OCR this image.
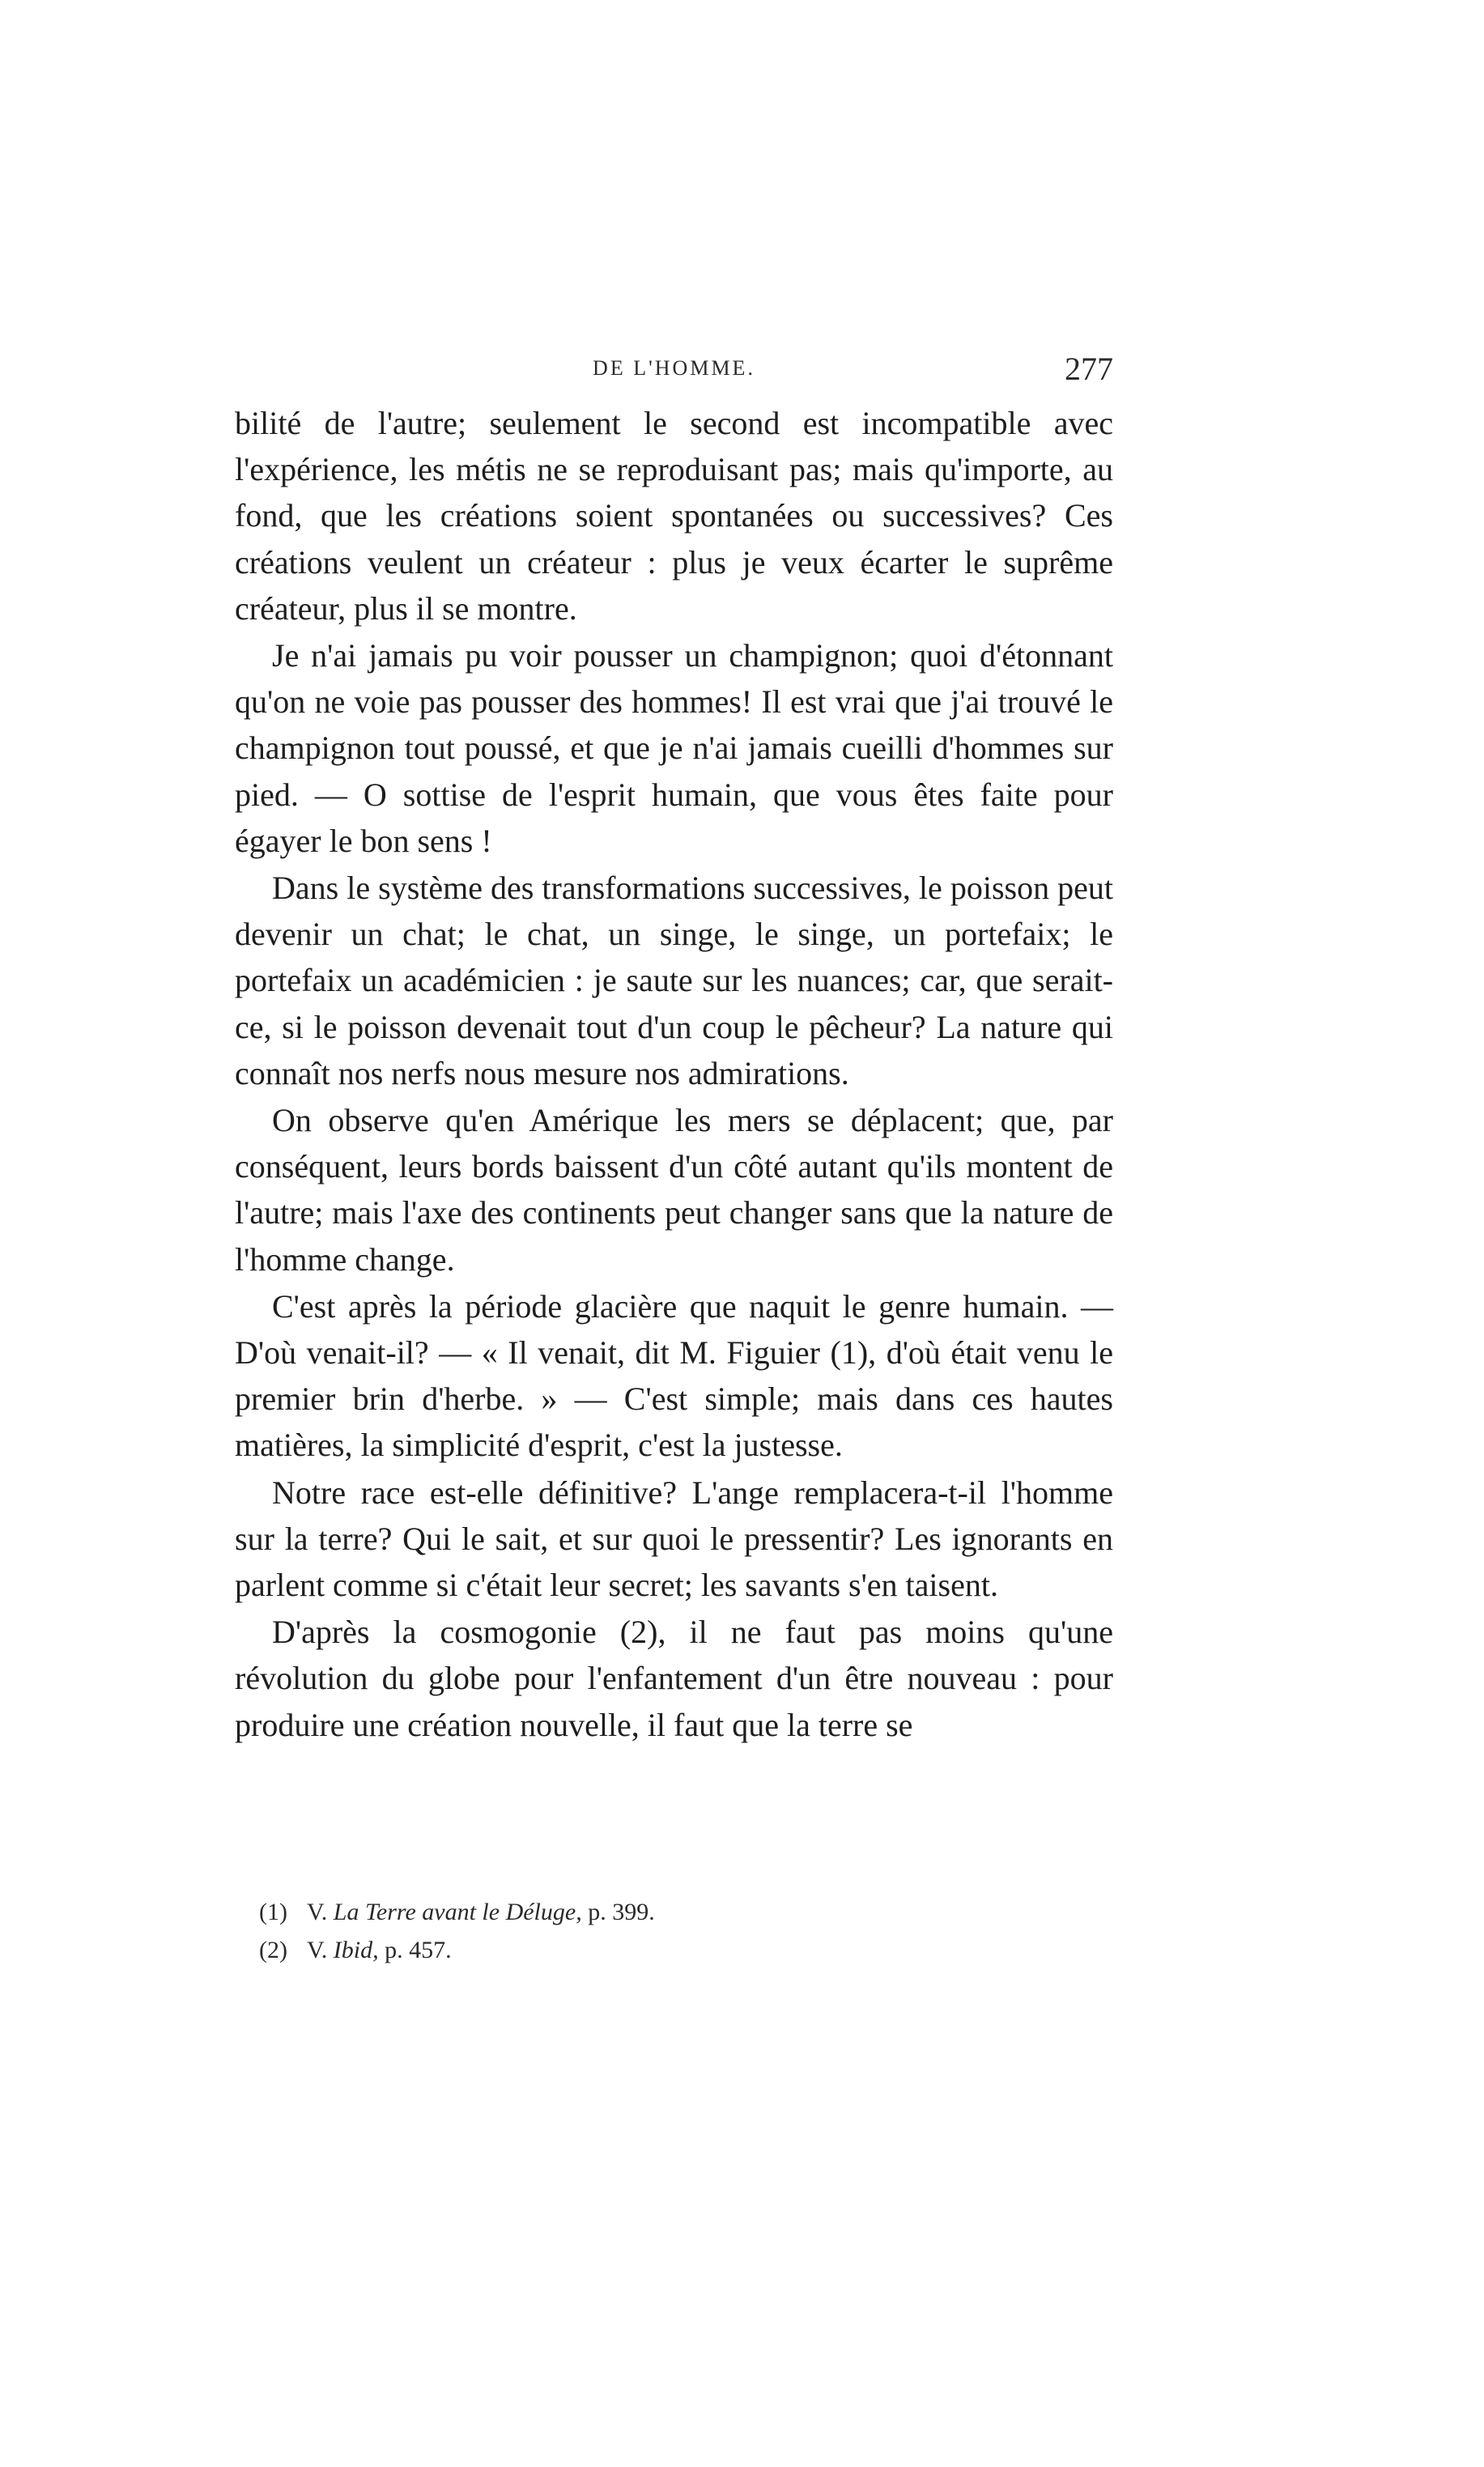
DE L'HOMME.	277

bilité de l'autre; seulement le second est incompatible avec l'expérience, les métis ne se reproduisant pas; mais qu'importe, au fond, que les créations soient spontanées ou successives? Ces créations veulent un créateur : plus je veux écarter le suprême créateur, plus il se montre.

Je n'ai jamais pu voir pousser un champignon; quoi d'étonnant qu'on ne voie pas pousser des hommes! Il est vrai que j'ai trouvé le champignon tout poussé, et que je n'ai jamais cueilli d'hommes sur pied. — O sottise de l'esprit humain, que vous êtes faite pour égayer le bon sens !

Dans le système des transformations successives, le poisson peut devenir un chat; le chat, un singe, le singe, un portefaix; le portefaix un académicien : je saute sur les nuances; car, que serait-ce, si le poisson devenait tout d'un coup le pêcheur? La nature qui connaît nos nerfs nous mesure nos admirations.

On observe qu'en Amérique les mers se déplacent; que, par conséquent, leurs bords baissent d'un côté autant qu'ils montent de l'autre; mais l'axe des continents peut changer sans que la nature de l'homme change.

C'est après la période glacière que naquit le genre humain. — D'où venait-il? — « Il venait, dit M. Figuier (1), d'où était venu le premier brin d'herbe. » — C'est simple; mais dans ces hautes matières, la simplicité d'esprit, c'est la justesse.

Notre race est-elle définitive? L'ange remplacera-t-il l'homme sur la terre? Qui le sait, et sur quoi le pressentir? Les ignorants en parlent comme si c'était leur secret; les savants s'en taisent.

D'après la cosmogonie (2), il ne faut pas moins qu'une révolution du globe pour l'enfantement d'un être nouveau : pour produire une création nouvelle, il faut que la terre se

(1) V. La Terre avant le Déluge, p. 399.

(2) V. Ibid, p. 457.
